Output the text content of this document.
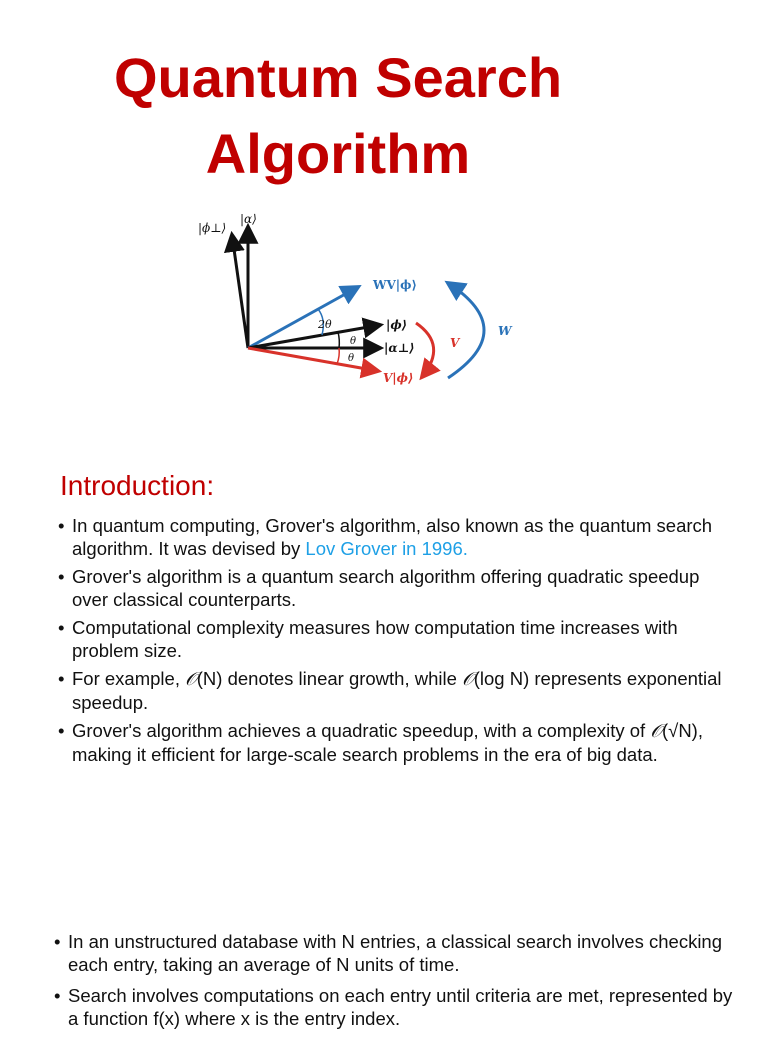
Quantum Search
Algorithm
|ϕ⊥⟩
|α⟩
WV|ϕ⟩
2θ	|ϕ⟩
θ |α⊥⟩
θ
V|ϕ⟩
V
W
Introduction:
• In quantum computing, Grover's algorithm, also known as the quantum search algorithm. It was devised by Lov Grover in 1996.
• Grover's algorithm is a quantum search algorithm offering quadratic speedup over classical counterparts.
• Computational complexity measures how computation time increases with problem size.
• For example, 𝒪(N) denotes linear growth, while 𝒪(log N) represents exponential speedup.
• Grover's algorithm achieves a quadratic speedup, with a complexity of 𝒪(√N), making it efficient for large-scale search problems in the era of big data.
• In an unstructured database with N entries, a classical search involves checking each entry, taking an average of N units of time.
• Search involves computations on each entry until criteria are met, represented by a function f(x) where x is the entry index.
